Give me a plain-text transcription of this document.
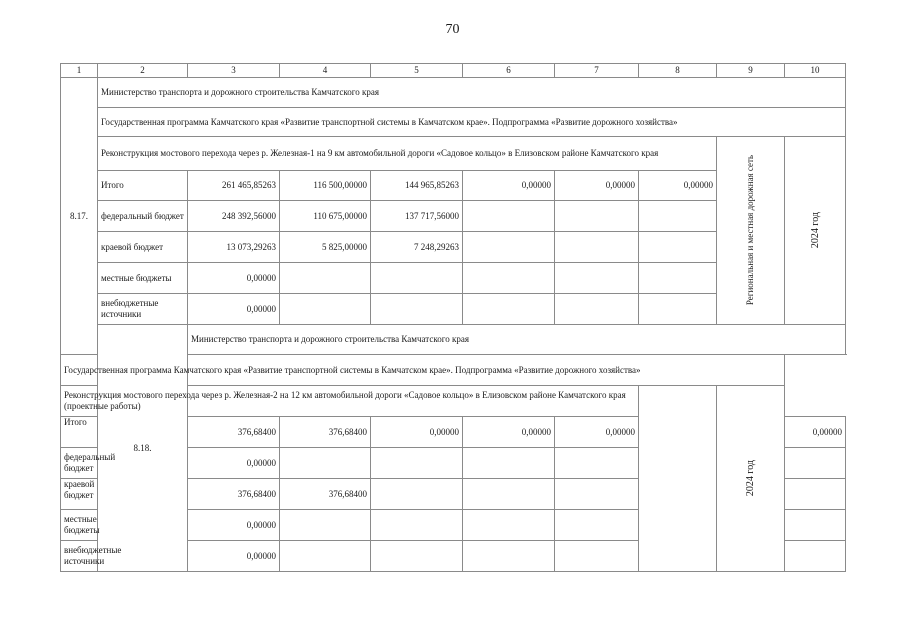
70
1	2	3	4	5	6	7	8	9	10
8.17.	Министерство транспорта и дорожного строительства Камчатского края								
	Государственная программа Камчатского края «Развитие транспортной системы в Камчатском крае». Подпрограмма «Развитие дорожного хозяйства»								
	Реконструкция мостового перехода через р. Железная-1 на 9 км автомобильной дороги «Садовое кольцо» в Елизовском районе Камчатского края							Региональная и местная дорожная сеть	2024 год

	Итого	261 465,85263	116 500,00000	144 965,85263	0,00000	0,00000	0,00000		
	федеральный бюджет	248 392,56000	110 675,00000	137 717,56000					
	краевой бюджет	13 073,29263	5 825,00000	7 248,29263					
	местные бюджеты	0,00000							
	внебюджетные источники	0,00000							
	8.18.	Министерство транспорта и дорожного строительства Камчатского края							
Государственная программа Камчатского края «Развитие транспортной системы в Камчатском крае». Подпрограмма «Развитие дорожного хозяйства»									
Реконструкция мостового перехода через р. Железная-2 на 12 км автомобильной дороги «Садовое кольцо» в Елизовском районе Камчатского края (проектные работы)								2024 год	

Итого		376,68400	376,68400	0,00000	0,00000	0,00000			0,00000
федеральный бюджет		0,00000							
краевой бюджет		376,68400	376,68400						
местные бюджеты		0,00000							
внебюджетные источники		0,00000							
